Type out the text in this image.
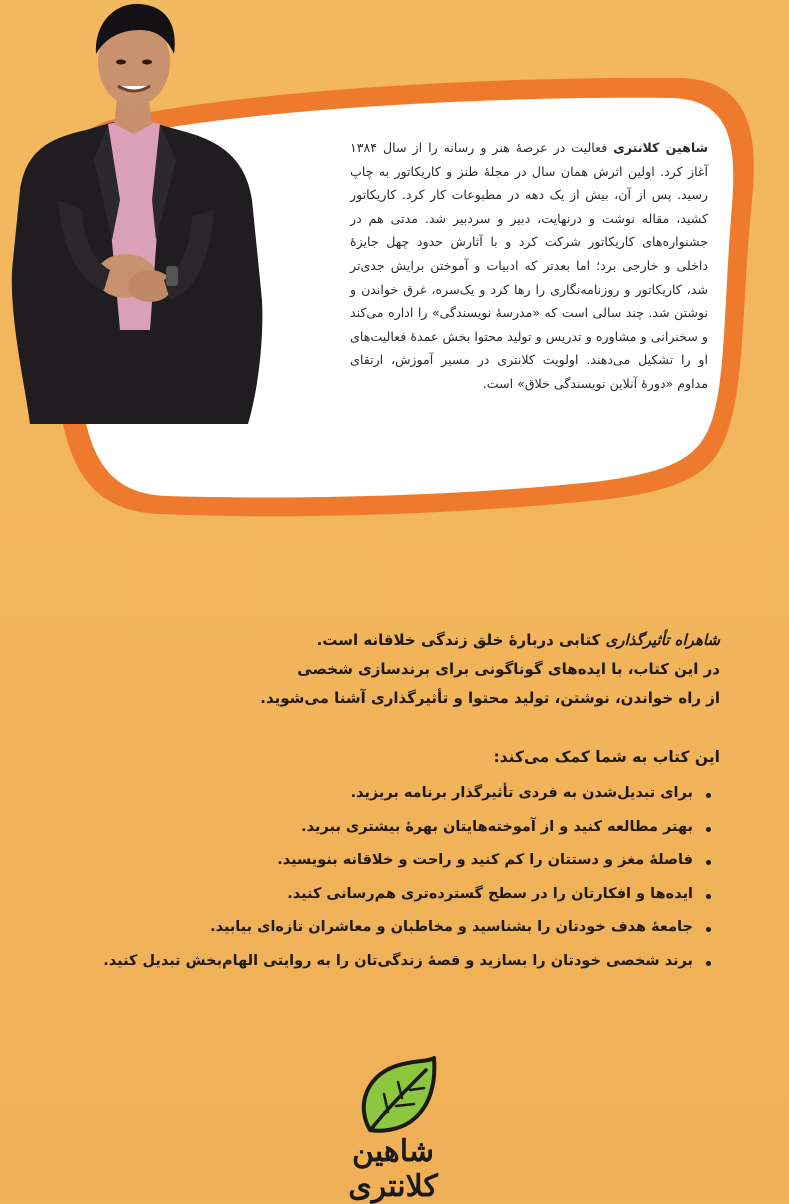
شاهین کلانتری فعالیت در عرصهٔ هنر و رسانه را از سال ۱۳۸۴ آغاز کرد. اولین اثرش همان سال در مجلهٔ طنز و کاریکاتور به چاپ رسید. پس از آن، بیش از یک دهه در مطبوعات کار کرد. کاریکاتور کشید، مقاله نوشت و درنهایت، دبیر و سردبیر شد. مدتی هم در جشنواره‌های کاریکاتور شرکت کرد و با آثارش حدود چهل جایزهٔ داخلی و خارجی برد؛ اما بعدتر که ادبیات و آموختن برایش جدی‌تر شد، کاریکاتور و روزنامه‌نگاری را رها کرد و یک‌سره، غرق خواندن و نوشتن شد. چند سالی است که «مدرسهٔ نویسندگی» را اداره می‌کند و سخنرانی و مشاوره و تدریس و تولید محتوا بخش عمدهٔ فعالیت‌های او را تشکیل می‌دهند. اولویت کلانتری در مسیر آموزش، ارتقای مداوم «دورهٔ آنلاین نویسندگی خلاق» است.

شاهراه تأثیرگذاری کتابی دربارهٔ خلق زندگی خلاقانه است.

در این کتاب، با ایده‌های گوناگونی برای برندسازی شخصی

از راه خواندن، نوشتن، تولید محتوا و تأثیرگذاری آشنا می‌شوید.

این کتاب به شما کمک می‌کند:
برای تبدیل‌شدن به فردی تأثیرگذار برنامه بریزید.
بهتر مطالعه کنید و از آموخته‌هایتان بهرهٔ بیشتری ببرید.
فاصلهٔ مغز و دستتان را کم کنید و راحت و خلاقانه بنویسید.
ایده‌ها و افکارتان را در سطح گسترده‌تری هم‌رسانی کنید.
جامعهٔ هدف خودتان را بشناسید و مخاطبان و معاشران تازه‌ای بیابید.
برند شخصی خودتان را بسازید و قصهٔ زندگی‌تان را به روایتی الهام‌بخش تبدیل کنید.
شاهین کلانتری
